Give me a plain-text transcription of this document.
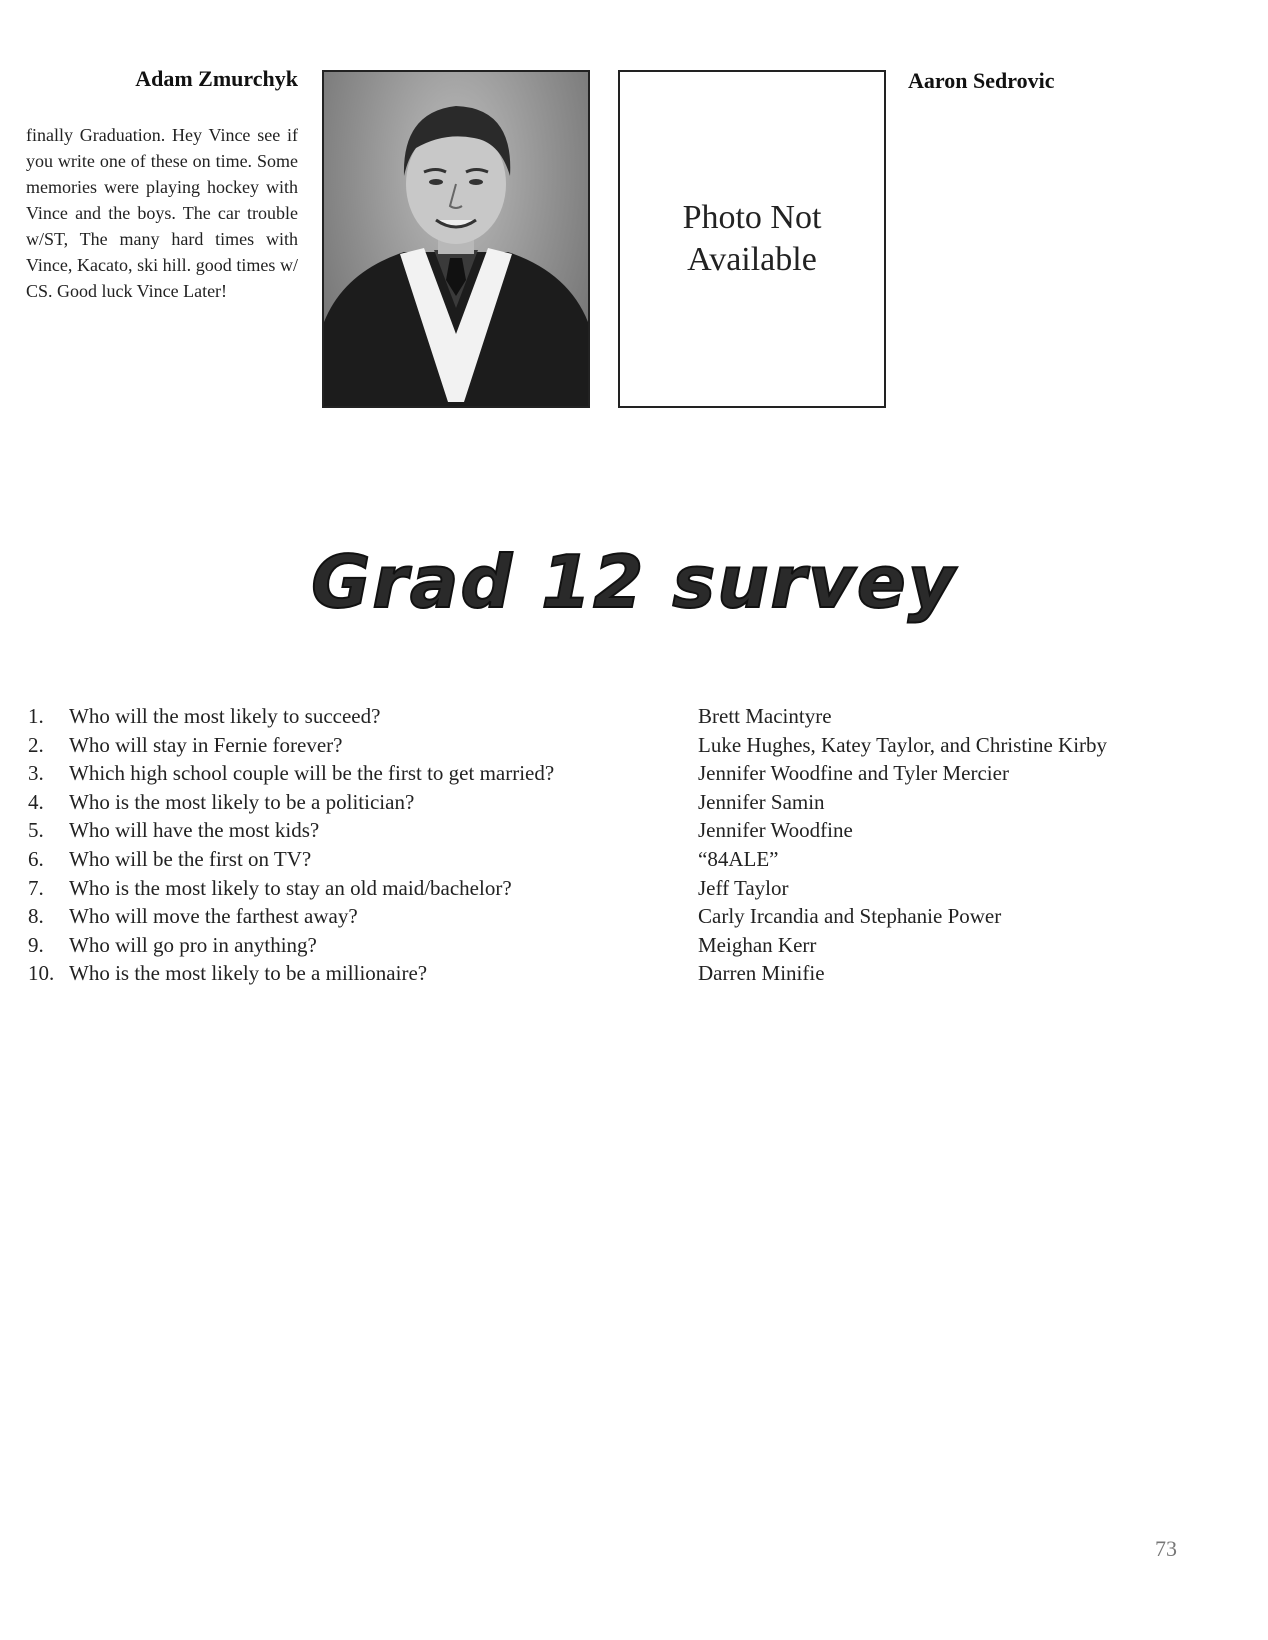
Adam Zmurchyk
finally Graduation. Hey Vince see if you write one of these on time. Some memories were playing hockey with Vince and the boys. The car trouble w/ST, The many hard times with Vince, Kacato, ski hill. good times w/ CS. Good luck Vince Later!
Photo Not Available
Aaron Sedrovic
Grad 12 survey
1. Who will the most likely to succeed?
2. Who will stay in Fernie forever?
3. Which high school couple will be the first to get married?
4. Who is the most likely to be a politician?
5. Who will have the most kids?
6. Who will be the first on TV?
7. Who is the most likely to stay an old maid/bachelor?
8. Who will move the farthest away?
9. Who will go pro in anything?
10. Who is the most likely to be a millionaire?
Brett Macintyre
Luke Hughes, Katey Taylor, and Christine Kirby
Jennifer Woodfine and Tyler Mercier
Jennifer Samin
Jennifer Woodfine
“84ALE”
Jeff Taylor
Carly Ircandia and Stephanie Power
Meighan Kerr
Darren Minifie
73
